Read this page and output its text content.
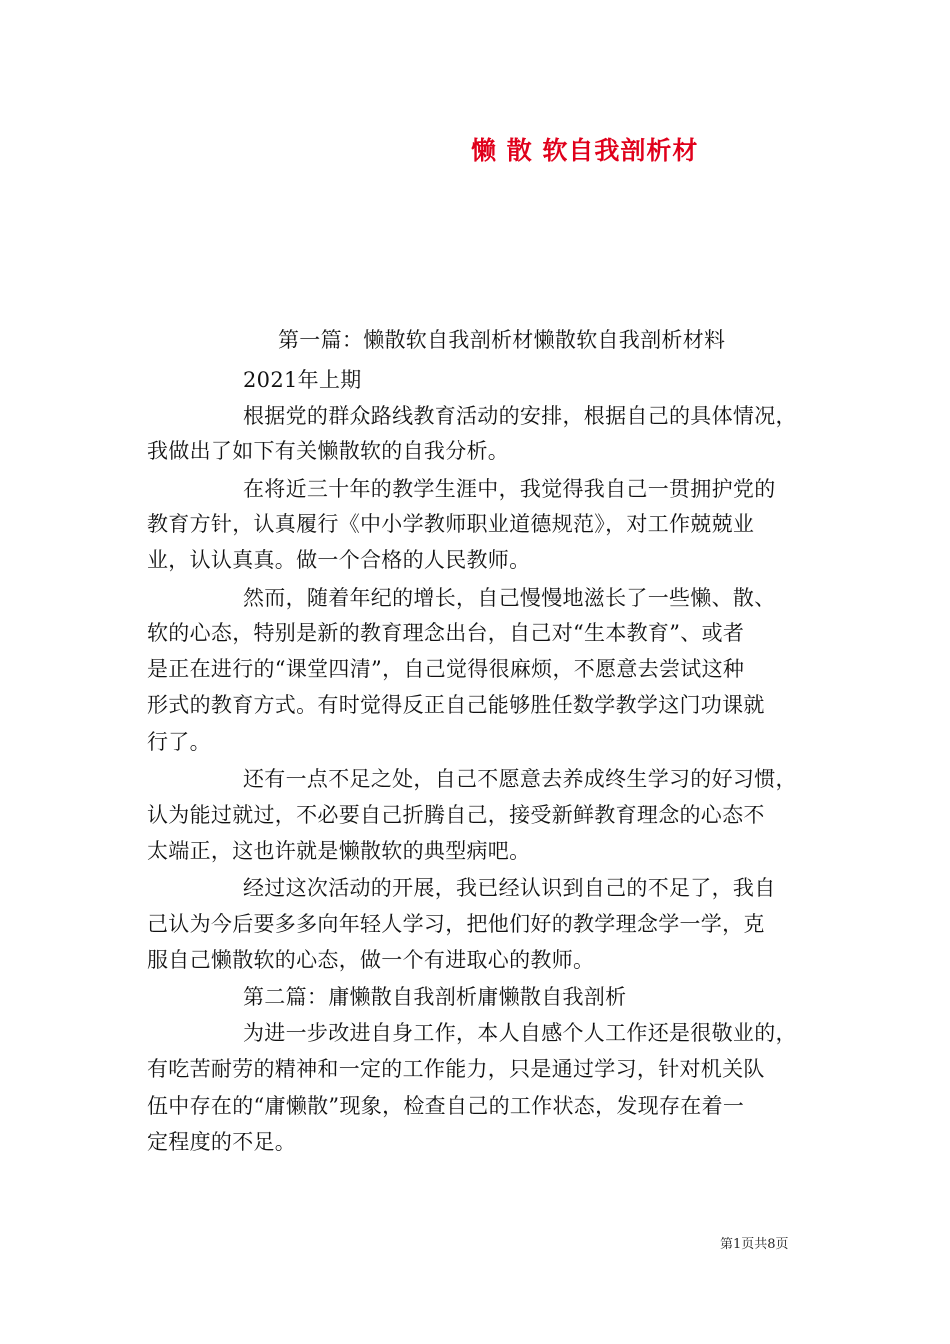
懒 散 软自我剖析材
第一篇：懒散软自我剖析材懒散软自我剖析材料
2021年上期
根据党的群众路线教育活动的安排，根据自己的具体情况，
我做出了如下有关懒散软的自我分析。
在将近三十年的教学生涯中，我觉得我自己一贯拥护党的
教育方针，认真履行《中小学教师职业道德规范》，对工作兢兢业
业，认认真真。做一个合格的人民教师。
然而，随着年纪的增长，自己慢慢地滋长了一些懒、散、
软的心态，特别是新的教育理念出台，自己对“生本教育”、或者
是正在进行的“课堂四清”，自己觉得很麻烦，不愿意去尝试这种
形式的教育方式。有时觉得反正自己能够胜任数学教学这门功课就
行了。
还有一点不足之处，自己不愿意去养成终生学习的好习惯，
认为能过就过，不必要自己折腾自己，接受新鲜教育理念的心态不
太端正，这也许就是懒散软的典型病吧。
经过这次活动的开展，我已经认识到自己的不足了，我自
己认为今后要多多向年轻人学习，把他们好的教学理念学一学，克
服自己懒散软的心态，做一个有进取心的教师。
第二篇：庸懒散自我剖析庸懒散自我剖析
为进一步改进自身工作，本人自感个人工作还是很敬业的，
有吃苦耐劳的精神和一定的工作能力，只是通过学习，针对机关队
伍中存在的“庸懒散”现象，检查自己的工作状态，发现存在着一
定程度的不足。
第1页共8页
